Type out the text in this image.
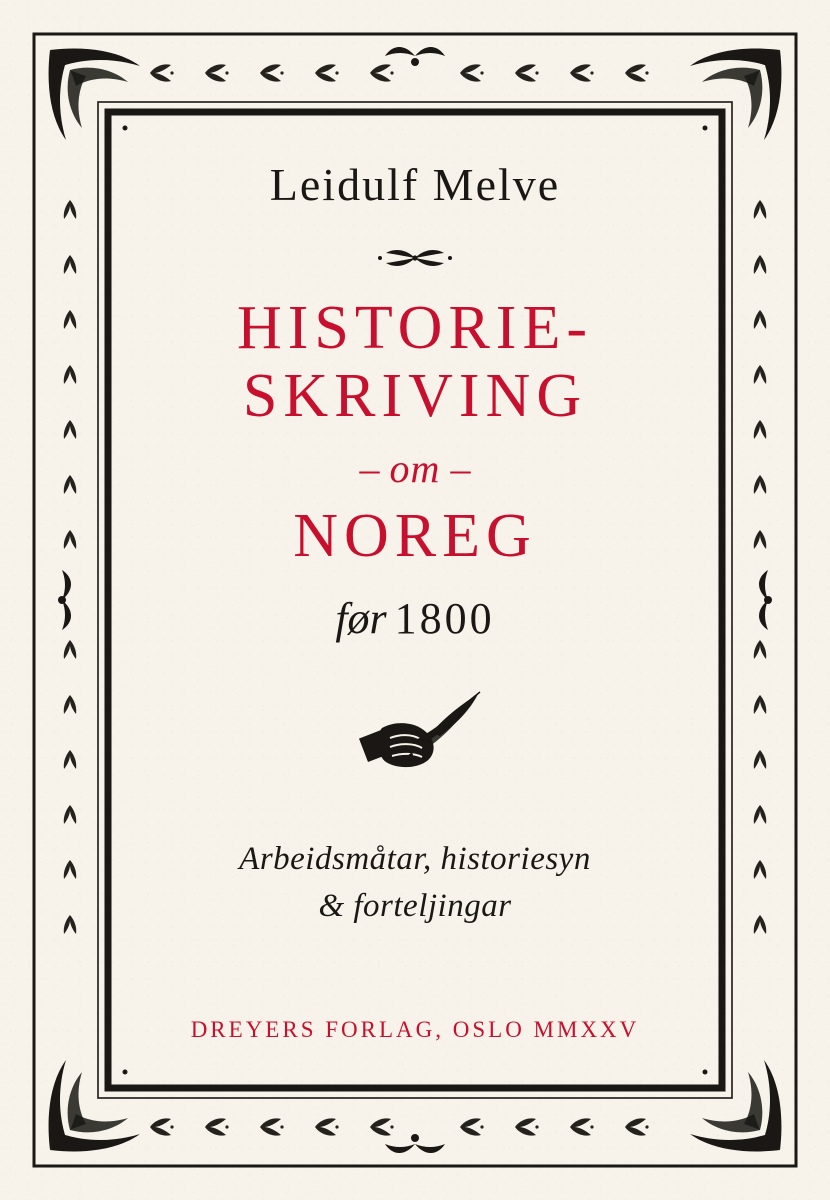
Leidulf Melve
HISTORIE-
SKRIVING
– om –
NOREG
før 1800
Arbeidsmåtar, historiesyn
& forteljingar
DREYERS FORLAG, OSLO MMXXV
